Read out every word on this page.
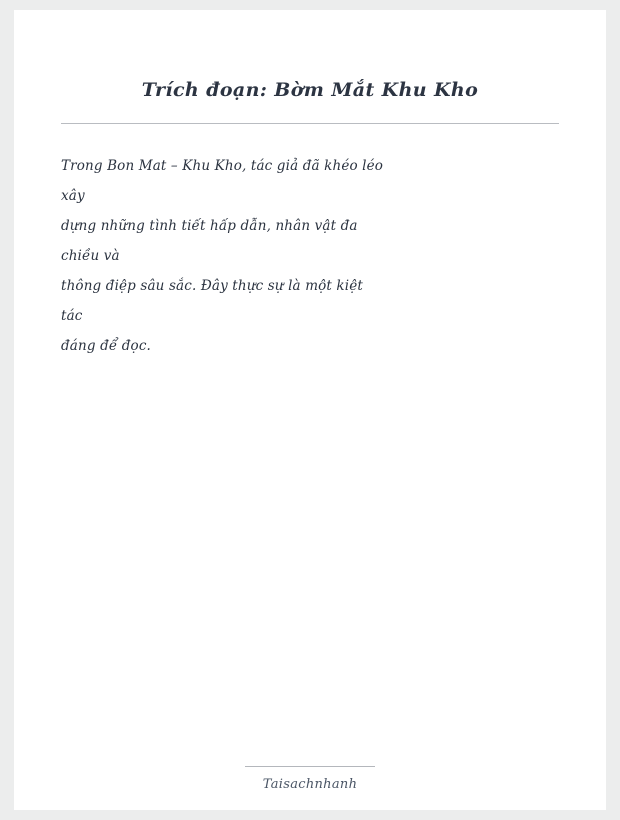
Trích đoạn: Bờm Mắt Khu Kho
Trong Bon Mat – Khu Kho, tác giả đã khéo léo
xây
dựng những tình tiết hấp dẫn, nhân vật đa
chiều và
thông điệp sâu sắc. Đây thực sự là một kiệt
tác
đáng để đọc.
Taisachnhanh
